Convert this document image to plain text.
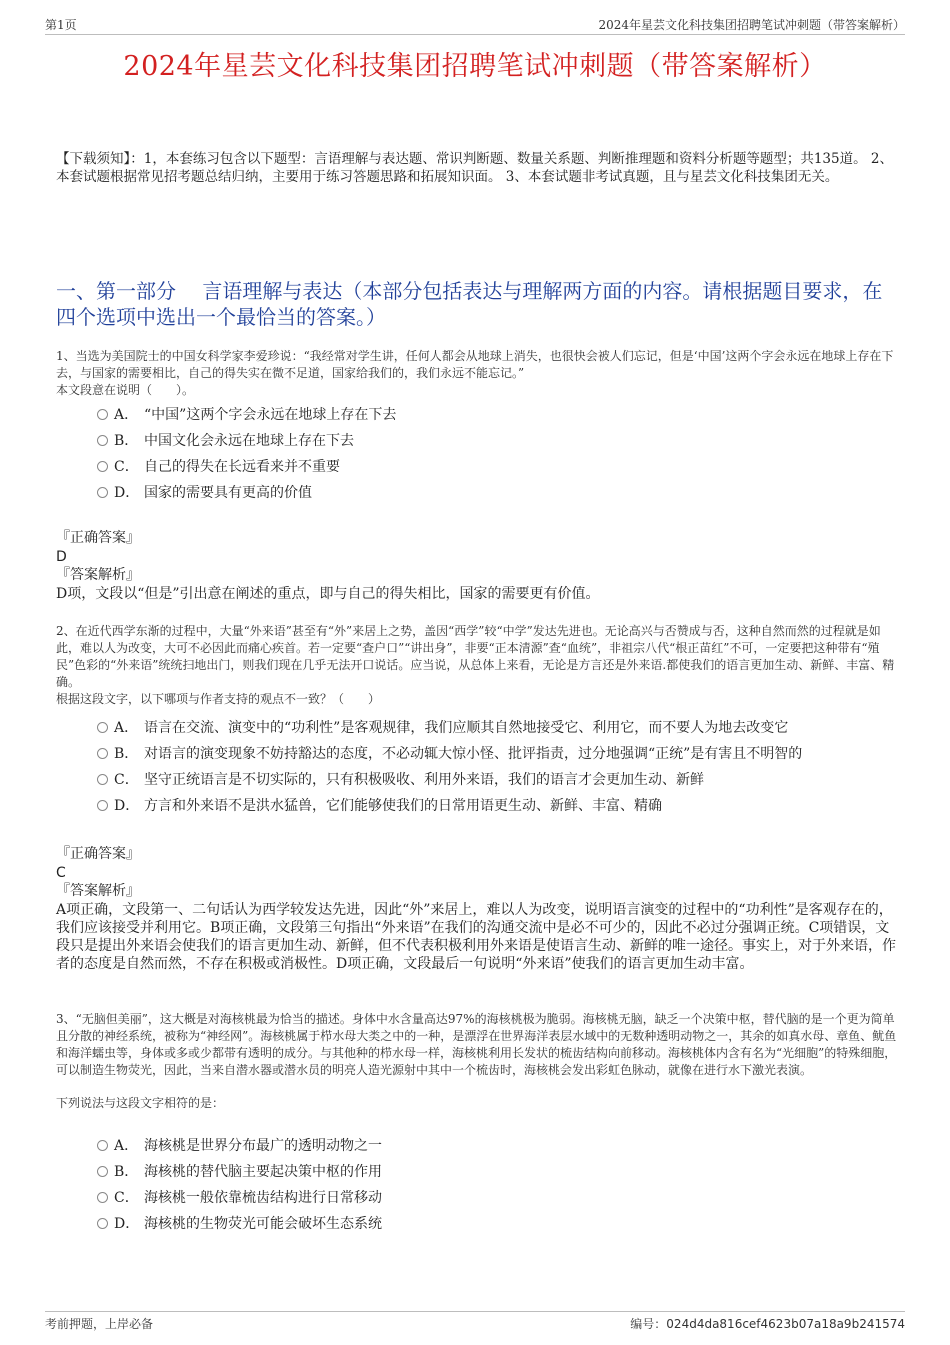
第1页	2024年星芸文化科技集团招聘笔试冲刺题（带答案解析）
2024年星芸文化科技集团招聘笔试冲刺题（带答案解析）

【下载须知】：1，本套练习包含以下题型：言语理解与表达题、常识判断题、数量关系题、判断推理题和资料分析题等题型；共135道。 2、本套试题根据常见招考题总结归纳，主要用于练习答题思路和拓展知识面。 3、本套试题非考试真题，且与星芸文化科技集团无关。

一、第一部分　 言语理解与表达（本部分包括表达与理解两方面的内容。请根据题目要求，在四个选项中选出一个最恰当的答案。）

1、当选为美国院士的中国女科学家李爱珍说：“我经常对学生讲，任何人都会从地球上消失，也很快会被人们忘记，但是‘中国’这两个字会永远在地球上存在下去，与国家的需要相比，自己的得失实在微不足道，国家给我们的，我们永远不能忘记。”

本文段意在说明（　　）。

A． “中国”这两个字会永远在地球上存在下去
B． 中国文化会永远在地球上存在下去
C． 自己的得失在长远看来并不重要
D． 国家的需要具有更高的价值

『正确答案』

D

『答案解析』

D项，文段以“但是”引出意在阐述的重点，即与自己的得失相比，国家的需要更有价值。

2、在近代西学东渐的过程中，大量“外来语”甚至有“外”来居上之势，盖因“西学”较“中学”发达先进也。无论高兴与否赞成与否，这种自然而然的过程就是如此，难以人为改变，大可不必因此而痛心疾首。若一定要“查户口”“讲出身”，非要“正本清源”查“血统”，非祖宗八代“根正苗红”不可，一定要把这种带有“殖民”色彩的“外来语”统统扫地出门，则我们现在几乎无法开口说话。应当说，从总体上来看，无论是方言还是外来语.都使我们的语言更加生动、新鲜、丰富、精确。

根据这段文字，以下哪项与作者支持的观点不一致？（　　）

A． 语言在交流、演变中的“功利性”是客观规律，我们应顺其自然地接受它、利用它，而不要人为地去改变它
B． 对语言的演变现象不妨持豁达的态度，不必动辄大惊小怪、批评指责，过分地强调“正统”是有害且不明智的
C． 坚守正统语言是不切实际的，只有积极吸收、利用外来语，我们的语言才会更加生动、新鲜
D． 方言和外来语不是洪水猛兽，它们能够使我们的日常用语更生动、新鲜、丰富、精确

『正确答案』

C

『答案解析』

A项正确，文段第一、二句话认为西学较发达先进，因此“外”来居上，难以人为改变，说明语言演变的过程中的“功利性”是客观存在的，我们应该接受并利用它。B项正确，文段第三句指出“外来语”在我们的沟通交流中是必不可少的，因此不必过分强调正统。C项错误，文段只是提出外来语会使我们的语言更加生动、新鲜，但不代表积极利用外来语是使语言生动、新鲜的唯一途径。事实上，对于外来语，作者的态度是自然而然，不存在积极或消极性。D项正确，文段最后一句说明“外来语”使我们的语言更加生动丰富。

3、“无脑但美丽”，这大概是对海核桃最为恰当的描述。身体中水含量高达97%的海核桃极为脆弱。海核桃无脑，缺乏一个决策中枢，替代脑的是一个更为简单且分散的神经系统，被称为“神经网”。海核桃属于栉水母大类之中的一种，是漂浮在世界海洋表层水域中的无数种透明动物之一，其余的如真水母、章鱼、鱿鱼和海洋蠕虫等，身体或多或少都带有透明的成分。与其他种的栉水母一样，海核桃利用长发状的梳齿结构向前移动。海核桃体内含有名为“光细胞”的特殊细胞，可以制造生物荧光，因此，当来自潜水器或潜水员的明亮人造光源射中其中一个梳齿时，海核桃会发出彩虹色脉动，就像在进行水下激光表演。

下列说法与这段文字相符的是：

A． 海核桃是世界分布最广的透明动物之一
B． 海核桃的替代脑主要起决策中枢的作用
C． 海核桃一般依靠梳齿结构进行日常移动
D． 海核桃的生物荧光可能会破坏生态系统
考前押题，上岸必备	编号：024d4da816cef4623b07a18a9b241574
